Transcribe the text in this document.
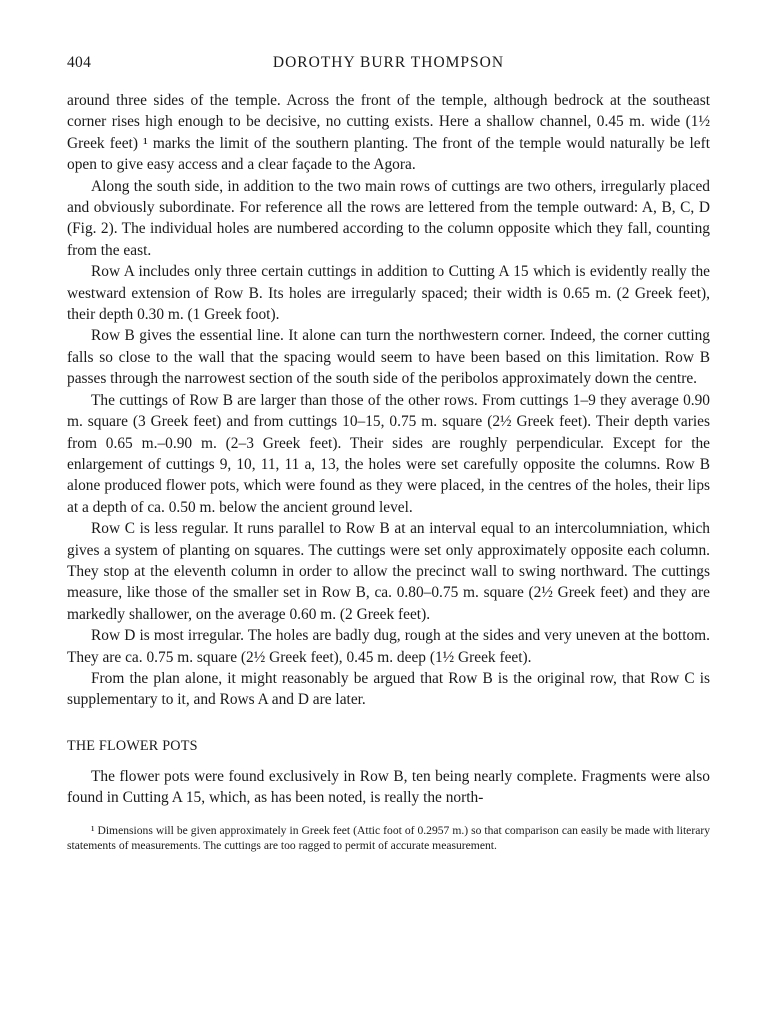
404	DOROTHY BURR THOMPSON

around three sides of the temple. Across the front of the temple, although bedrock at the southeast corner rises high enough to be decisive, no cutting exists. Here a shallow channel, 0.45 m. wide (1½ Greek feet) ¹ marks the limit of the southern planting. The front of the temple would naturally be left open to give easy access and a clear façade to the Agora.

Along the south side, in addition to the two main rows of cuttings are two others, irregularly placed and obviously subordinate. For reference all the rows are lettered from the temple outward: A, B, C, D (Fig. 2). The individual holes are numbered according to the column opposite which they fall, counting from the east.

Row A includes only three certain cuttings in addition to Cutting A 15 which is evidently really the westward extension of Row B. Its holes are irregularly spaced; their width is 0.65 m. (2 Greek feet), their depth 0.30 m. (1 Greek foot).

Row B gives the essential line. It alone can turn the northwestern corner. Indeed, the corner cutting falls so close to the wall that the spacing would seem to have been based on this limitation. Row B passes through the narrowest section of the south side of the peribolos approximately down the centre.

The cuttings of Row B are larger than those of the other rows. From cuttings 1–9 they average 0.90 m. square (3 Greek feet) and from cuttings 10–15, 0.75 m. square (2½ Greek feet). Their depth varies from 0.65 m.–0.90 m. (2–3 Greek feet). Their sides are roughly perpendicular. Except for the enlargement of cuttings 9, 10, 11, 11 a, 13, the holes were set carefully opposite the columns. Row B alone produced flower pots, which were found as they were placed, in the centres of the holes, their lips at a depth of ca. 0.50 m. below the ancient ground level.

Row C is less regular. It runs parallel to Row B at an interval equal to an intercolumniation, which gives a system of planting on squares. The cuttings were set only approximately opposite each column. They stop at the eleventh column in order to allow the precinct wall to swing northward. The cuttings measure, like those of the smaller set in Row B, ca. 0.80–0.75 m. square (2½ Greek feet) and they are markedly shallower, on the average 0.60 m. (2 Greek feet).

Row D is most irregular. The holes are badly dug, rough at the sides and very uneven at the bottom. They are ca. 0.75 m. square (2½ Greek feet), 0.45 m. deep (1½ Greek feet).

From the plan alone, it might reasonably be argued that Row B is the original row, that Row C is supplementary to it, and Rows A and D are later.

THE FLOWER POTS

The flower pots were found exclusively in Row B, ten being nearly complete. Fragments were also found in Cutting A 15, which, as has been noted, is really the north-

¹ Dimensions will be given approximately in Greek feet (Attic foot of 0.2957 m.) so that comparison can easily be made with literary statements of measurements. The cuttings are too ragged to permit of accurate measurement.
